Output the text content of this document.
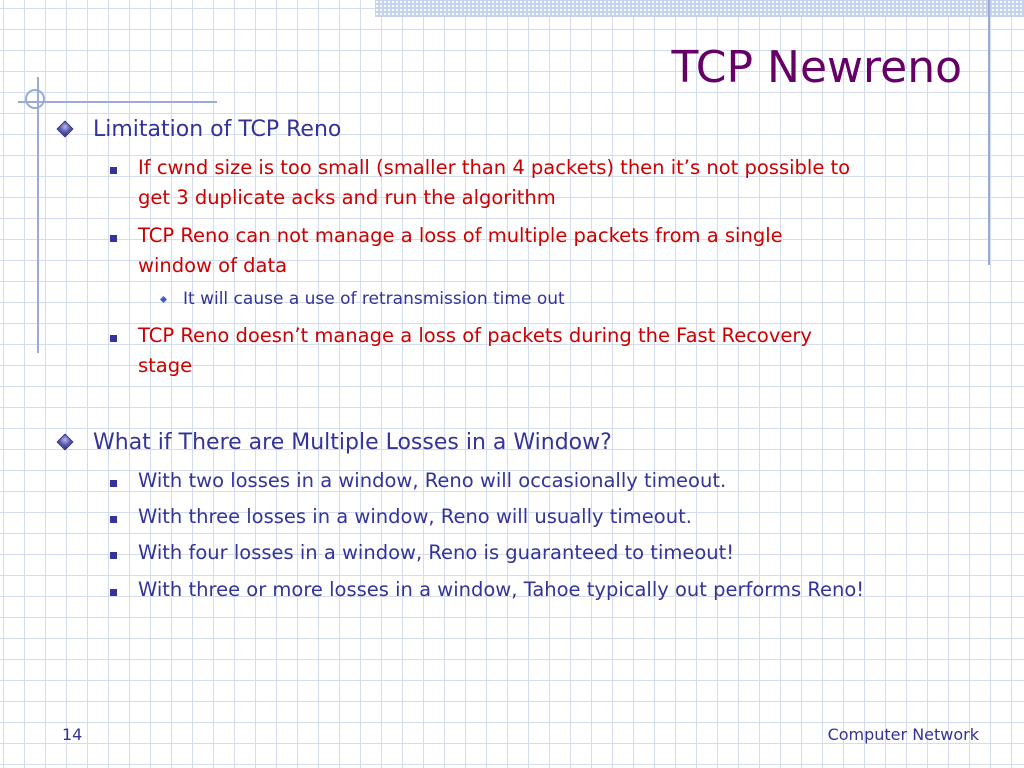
TCP Newreno
Limitation of TCP Reno
If cwnd size is too small (smaller than 4 packets) then it’s not possible to
get 3 duplicate acks and run the algorithm
TCP Reno can not manage a loss of multiple packets from a single
window of data
It will cause a use of retransmission time out
TCP Reno doesn’t manage a loss of packets during the Fast Recovery
stage
What if There are Multiple Losses in a Window?
With two losses in a window, Reno will occasionally timeout.
With three losses in a window, Reno will usually timeout.
With four losses in a window, Reno is guaranteed to timeout!
With three or more losses in a window, Tahoe typically out performs Reno!
14	Computer Network
